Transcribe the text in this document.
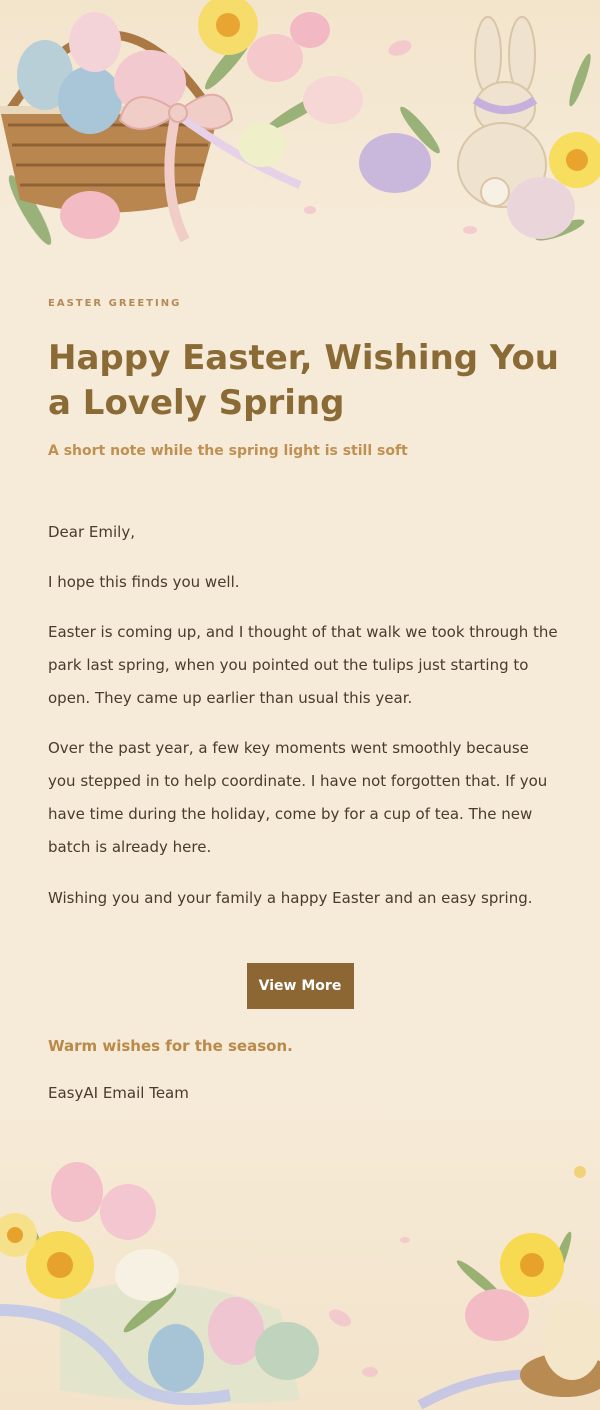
EASTER GREETING
Happy Easter, Wishing You a Lovely Spring
A short note while the spring light is still soft
Dear Emily,
I hope this finds you well.
Easter is coming up, and I thought of that walk we took through the park last spring, when you pointed out the tulips just starting to open. They came up earlier than usual this year.
Over the past year, a few key moments went smoothly because you stepped in to help coordinate. I have not forgotten that. If you have time during the holiday, come by for a cup of tea. The new batch is already here.
Wishing you and your family a happy Easter and an easy spring.
View More
Warm wishes for the season.
EasyAI Email Team
